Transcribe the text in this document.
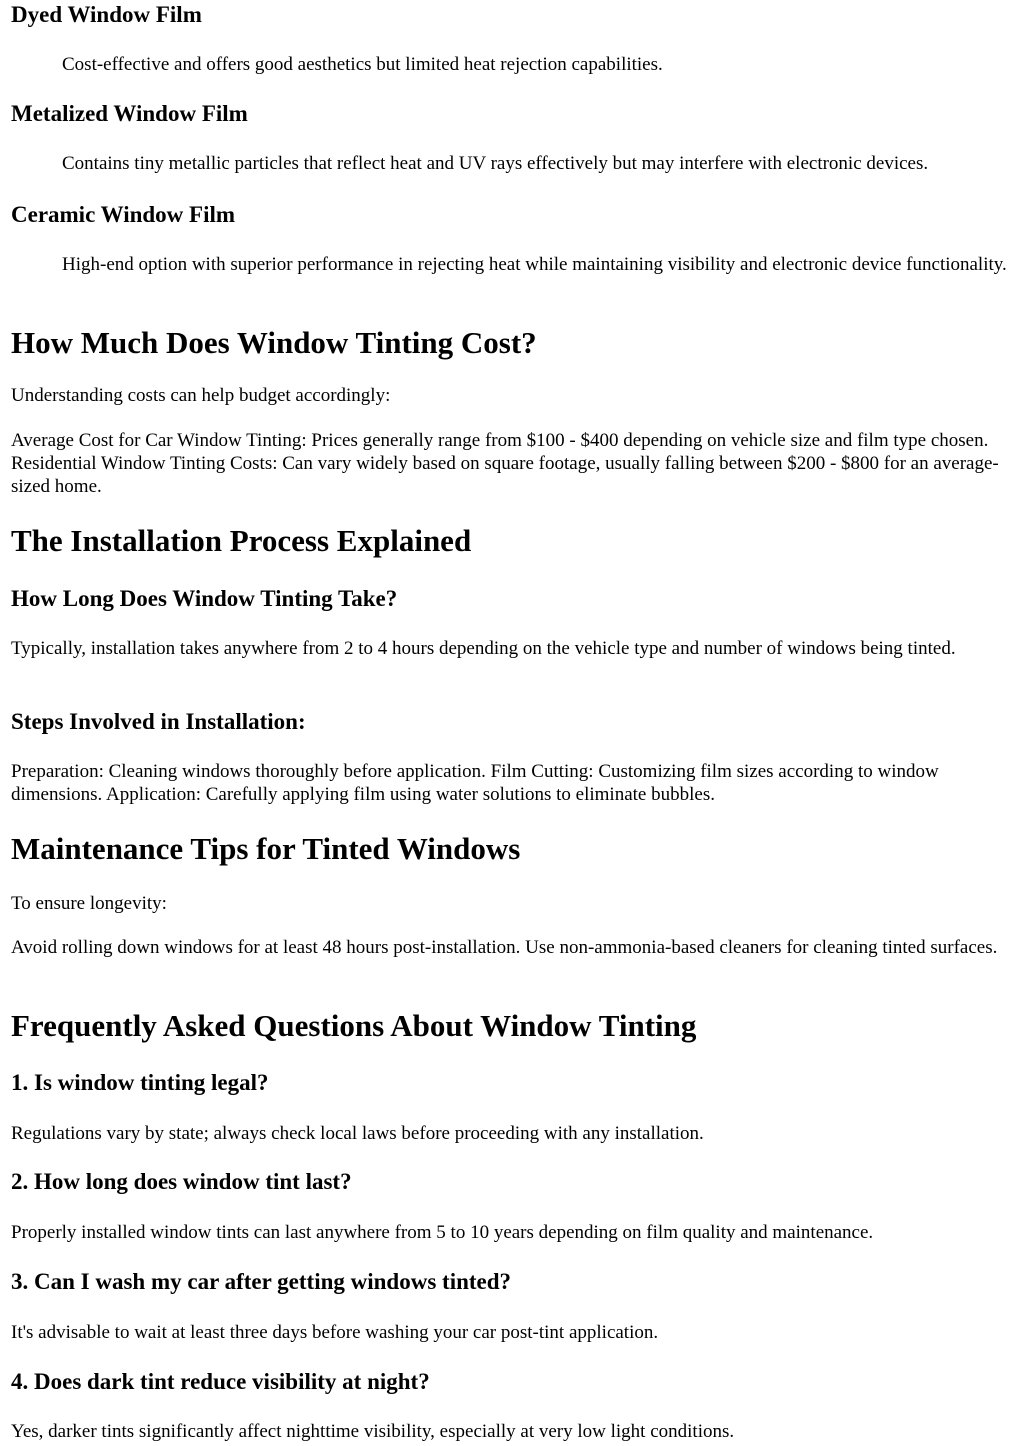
Dyed Window Film

Cost-effective and offers good aesthetics but limited heat rejection capabilities.

Metalized Window Film

Contains tiny metallic particles that reflect heat and UV rays effectively but may interfere with electronic devices.

Ceramic Window Film

High-end option with superior performance in rejecting heat while maintaining visibility and electronic device functionality.

How Much Does Window Tinting Cost?

Understanding costs can help budget accordingly:

Average Cost for Car Window Tinting: Prices generally range from $100 - $400 depending on vehicle size and film type chosen. Residential Window Tinting Costs: Can vary widely based on square footage, usually falling between $200 - $800 for an average-sized home.

The Installation Process Explained
How Long Does Window Tinting Take?

Typically, installation takes anywhere from 2 to 4 hours depending on the vehicle type and number of windows being tinted.

Steps Involved in Installation:

Preparation: Cleaning windows thoroughly before application. Film Cutting: Customizing film sizes according to window dimensions. Application: Carefully applying film using water solutions to eliminate bubbles.

Maintenance Tips for Tinted Windows

To ensure longevity:

Avoid rolling down windows for at least 48 hours post-installation. Use non-ammonia-based cleaners for cleaning tinted surfaces.

Frequently Asked Questions About Window Tinting
1. Is window tinting legal?

Regulations vary by state; always check local laws before proceeding with any installation.

2. How long does window tint last?

Properly installed window tints can last anywhere from 5 to 10 years depending on film quality and maintenance.

3. Can I wash my car after getting windows tinted?

It's advisable to wait at least three days before washing your car post-tint application.

4. Does dark tint reduce visibility at night?

Yes, darker tints significantly affect nighttime visibility, especially at very low light conditions.
